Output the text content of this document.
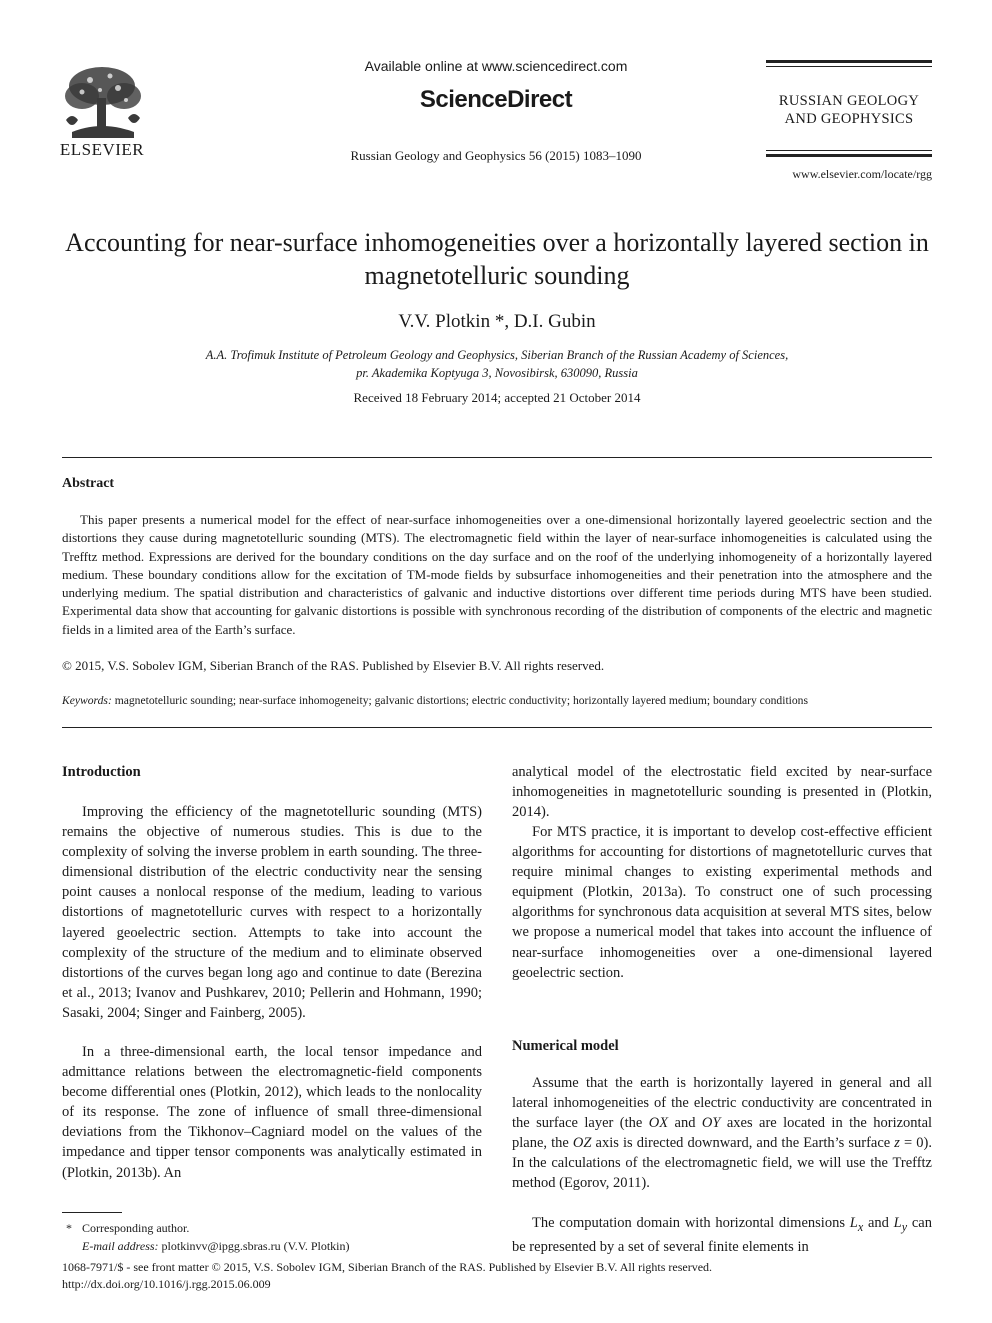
ELSEVIER
Available online at www.sciencedirect.com
ScienceDirect
Russian Geology and Geophysics 56 (2015) 1083–1090
RUSSIAN GEOLOGY
AND GEOPHYSICS
www.elsevier.com/locate/rgg
Accounting for near-surface inhomogeneities over a horizontally layered section in magnetotelluric sounding
V.V. Plotkin *, D.I. Gubin
A.A. Trofimuk Institute of Petroleum Geology and Geophysics, Siberian Branch of the Russian Academy of Sciences,
pr. Akademika Koptyuga 3, Novosibirsk, 630090, Russia
Received 18 February 2014; accepted 21 October 2014
Abstract

This paper presents a numerical model for the effect of near-surface inhomogeneities over a one-dimensional horizontally layered geoelectric section and the distortions they cause during magnetotelluric sounding (MTS). The electromagnetic field within the layer of near-surface inhomogeneities is calculated using the Trefftz method. Expressions are derived for the boundary conditions on the day surface and on the roof of the underlying inhomogeneity of a horizontally layered medium. These boundary conditions allow for the excitation of TM-mode fields by subsurface inhomogeneities and their penetration into the atmosphere and the underlying medium. The spatial distribution and characteristics of galvanic and inductive distortions over different time periods during MTS have been studied. Experimental data show that accounting for galvanic distortions is possible with synchronous recording of the distribution of components of the electric and magnetic fields in a limited area of the Earth’s surface.

© 2015, V.S. Sobolev IGM, Siberian Branch of the RAS. Published by Elsevier B.V. All rights reserved.
Keywords: magnetotelluric sounding; near-surface inhomogeneity; galvanic distortions; electric conductivity; horizontally layered medium; boundary conditions
Introduction

Improving the efficiency of the magnetotelluric sounding (MTS) remains the objective of numerous studies. This is due to the complexity of solving the inverse problem in earth sounding. The three-dimensional distribution of the electric conductivity near the sensing point causes a nonlocal response of the medium, leading to various distortions of magnetotelluric curves with respect to a horizontally layered geoelectric section. Attempts to take into account the complexity of the structure of the medium and to eliminate observed distortions of the curves began long ago and continue to date (Berezina et al., 2013; Ivanov and Pushkarev, 2010; Pellerin and Hohmann, 1990; Sasaki, 2004; Singer and Fainberg, 2005).

In a three-dimensional earth, the local tensor impedance and admittance relations between the electromagnetic-field components become differential ones (Plotkin, 2012), which leads to the nonlocality of its response. The zone of influence of small three-dimensional deviations from the Tikhonov–Cagniard model on the values of the impedance and tipper tensor components was analytically estimated in (Plotkin, 2013b). An

analytical model of the electrostatic field excited by near-surface inhomogeneities in magnetotelluric sounding is presented in (Plotkin, 2014).

For MTS practice, it is important to develop cost-effective efficient algorithms for accounting for distortions of magnetotelluric curves that require minimal changes to existing experimental methods and equipment (Plotkin, 2013a). To construct one of such processing algorithms for synchronous data acquisition at several MTS sites, below we propose a numerical model that takes into account the influence of near-surface inhomogeneities over a one-dimensional layered geoelectric section.

Numerical model

Assume that the earth is horizontally layered in general and all lateral inhomogeneities of the electric conductivity are concentrated in the surface layer (the OX and OY axes are located in the horizontal plane, the OZ axis is directed downward, and the Earth’s surface z = 0). In the calculations of the electromagnetic field, we will use the Trefftz method (Egorov, 2011).

The computation domain with horizontal dimensions $L_x$ and $L_y$ can be represented by a set of several finite elements in

* Corresponding author.
E-mail address: plotkinvv@ipgg.sbras.ru (V.V. Plotkin)
1068-7971/$ - see front matter © 2015, V.S. Sobolev IGM, Siberian Branch of the RAS. Published by Elsevier B.V. All rights reserved.
http://dx.doi.org/10.1016/j.rgg.2015.06.009
